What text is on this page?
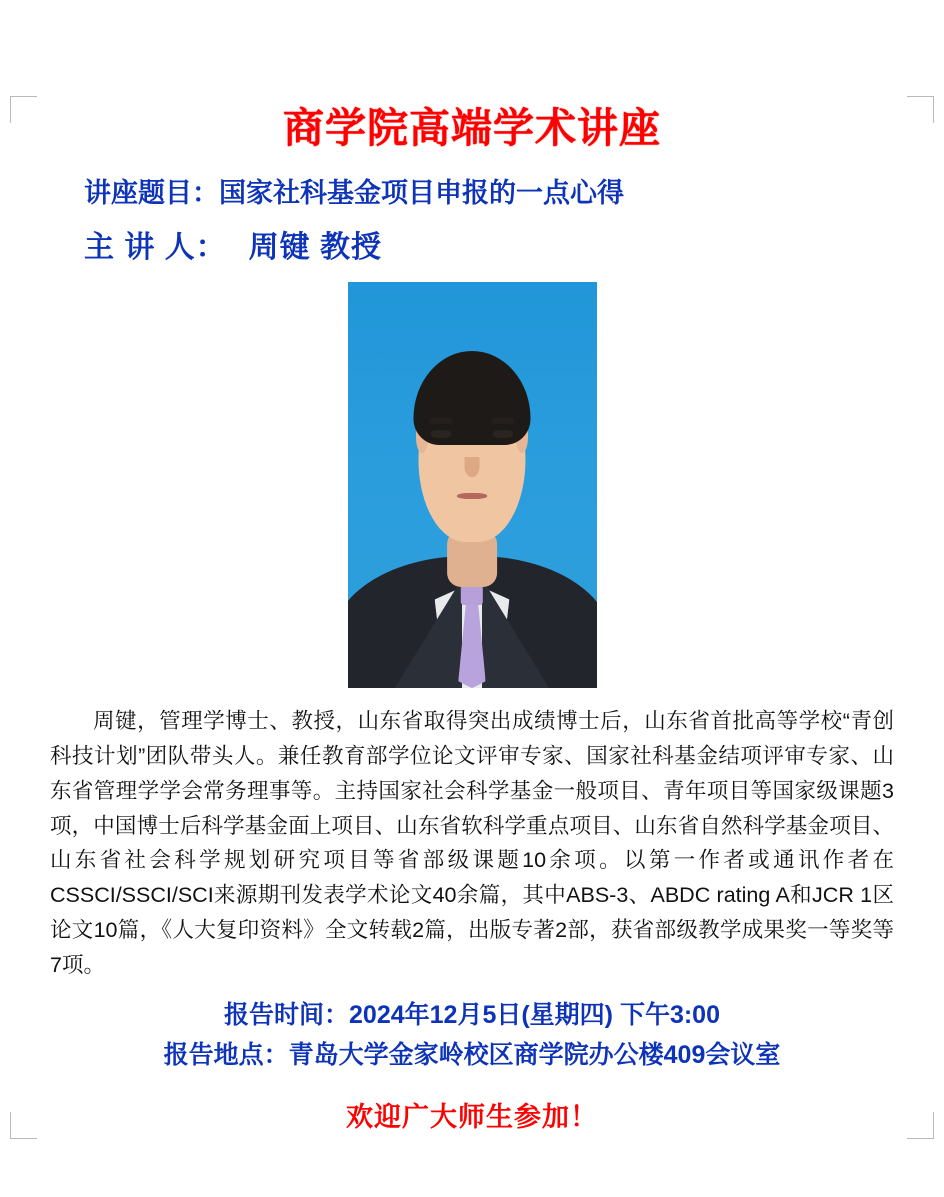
商学院高端学术讲座

讲座题目：国家社科基金项目申报的一点心得

主 讲 人： 周键 教授

周键，管理学博士、教授，山东省取得突出成绩博士后，山东省首批高等学校“青创科技计划”团队带头人。兼任教育部学位论文评审专家、国家社科基金结项评审专家、山东省管理学学会常务理事等。主持国家社会科学基金一般项目、青年项目等国家级课题3项，中国博士后科学基金面上项目、山东省软科学重点项目、山东省自然科学基金项目、山东省社会科学规划研究项目等省部级课题10余项。以第一作者或通讯作者在CSSCI/SSCI/SCI来源期刊发表学术论文40余篇，其中ABS-3、ABDC rating A和JCR 1区论文10篇，《人大复印资料》全文转载2篇，出版专著2部，获省部级教学成果奖一等奖等7项。

报告时间：2024年12月5日(星期四) 下午3:00

报告地点：青岛大学金家岭校区商学院办公楼409会议室

欢迎广大师生参加！
